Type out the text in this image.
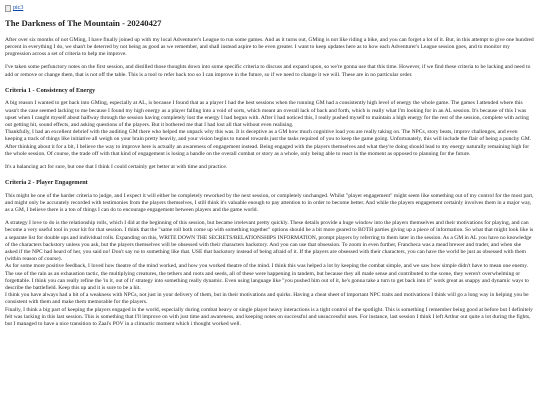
pic3
The Darkness of The Mountain - 20240427

After over six months of not GMing, I have finally joined up with my local Adventurer's League to run some games. And as it turns out, GMing is not like riding a bike, and you can forget a lot of it. But, in this attempt to give one hundred percent in everything I do, we shan't be deterred by not being as good as we remember, and shall instead aspire to be even greater. I want to keep updates here as to how each Adventurer's League session goes, and to monitor my progression across a set of criteria to help me improve.

I've taken some perfunctory notes on the first session, and distilled those thoughts down into some specific criteria to discuss and expand upon, so we're gonna use that this time. However, if we find these criteria to be lacking and need to add or remove or change them, that is not off the table. This is a tool to refer back too so I can improve in the future, so if we need to change it we will. These are in no particular order.

Criteria 1 - Consistency of Energy

A big reason I wanted to get back into GMing, especially at AL, is because I found that as a player I had the best sessions when the running GM had a consistently high level of energy the whole game. The games I attended where this wasn't the case seemed lacking to me because I found my high energy as a player falling into a void of sorts, which meant an overall lack of back and forth, which is really what I'm looking for in an AL session. It's because of this I was upset when I caught myself about halfway through the session having completely lost the energy I had begun with. After I had noticed this, I really pushed myself to maintain a high energy for the rest of the session, complete with acting out getting hit, sound effects, and asking questions of the players. But it bothered me that I had lost all that without even realising.

Thankfully, I had an excellent debrief with the auditing GM there who helped me unpack why this was. It is deceptive as a GM how much cognitive load you are really taking on. The NPCs, story beats, improv challenges, and even keeping a track of things like initiative all weigh on your brain pretty heavily, and your vision begins to tunnel towards just the tasks required of you to keep the game going. Unfortunately, this will include the flair of being a punchy GM.

After thinking about it for a bit, I believe the way to improve here is actually an awareness of engagement instead. Being engaged with the players themselves and what they're doing should lead to my energy naturally remaining high for the whole session. Of course, the trade off with that kind of engagement is losing a handle on the overall combat or story as a whole, only being able to react in the moment as opposed to planning for the future.

It's a balancing act for sure, but one that I think I could certainly get better at with time and practice.

Criteria 2 - Player Engagement

This might be one of the harder criteria to judge, and I expect it will either be completely reworked by the next session, or completely unchanged. Whilst "player engagement" might seem like something out of my control for the most part, and might only be accurately recorded with testimonies from the players themselves, I still think it's valuable enough to pay attention to in order to become better. And while the players engagement certainly involves them in a major way, as a GM, I believe there is a ton of things I can do to encourage engagement between players and the game world.

A strategy I love to do is the relationship rolls, which I did at the beginning of this session, but became irrelevant pretty quickly. These details provide a huge window into the players themselves and their motivations for playing, and can become a very useful tool in your kit for that session. I think that the "same roll both come up with something together" options should be a bit more geared to BOTH parties giving up a piece of information. So what that might look like is a separate list for double ups and individual rolls. Expanding on this, WRITE DOWN THE SECRETS/RELATIONSHIPS INFORMATION, prompt players by referring to them later in the session. As a GM in AL you have no knowledge of the characters backstory unless you ask, but the players themselves will be obsessed with their characters backstory. And you can use that obsession. To zoom in even further, Francheca was a mead brewer and trader, and when she asked if the NPC had heard of her, you said no! Don't say no to something like that. USE that backstory instead of being afraid of it. If the players are obsessed with their characters, you can have the world be just as obsessed with them (within reason of course).

As for some more positive feedback, I loved how theatre of the mind worked, and how you worked theatre of the mind. I think this was helped a lot by keeping the combat simple, and we saw how simple didn't have to mean one enemy. The use of the rain as an exhaustion tactic, the multiplying creatures, the tethers and roots and seeds, all of these were happening in tandem, but because they all made sense and contributed to the scene, they weren't overwhelming or forgettable. I think you can really refine the 'in it, out of it' strategy into something really dynamic. Even using language like "you pushed him out of it, he's gonna take a turn to get back into it" work great as snappy and dynamic ways to describe the battlefield. Keep this up and it is sure to be a hit.

I think you have always had a bit of a weakness with NPCs, not just in your delivery of them, but in their motivations and quirks. Having a cheat sheet of important NPC traits and motivations I think will go a long way in helping you be consistent with them and make them memorable for the players.

Finally, I think a big part of keeping the players engaged in the world, especially during combat heavy or single player heavy interactions is a tight control of the spotlight. This is something I remember being good at before but I definitely felt was lacking in this last session. This is something that I'll improve on with just time and awareness, and keeping notes on successful and unsuccessful uses. For instance, last session I think I left Arthur out quite a lot during the fights, but I managed to have a nice transition to Zaal's POV in a climactic moment which i thought worked well.
